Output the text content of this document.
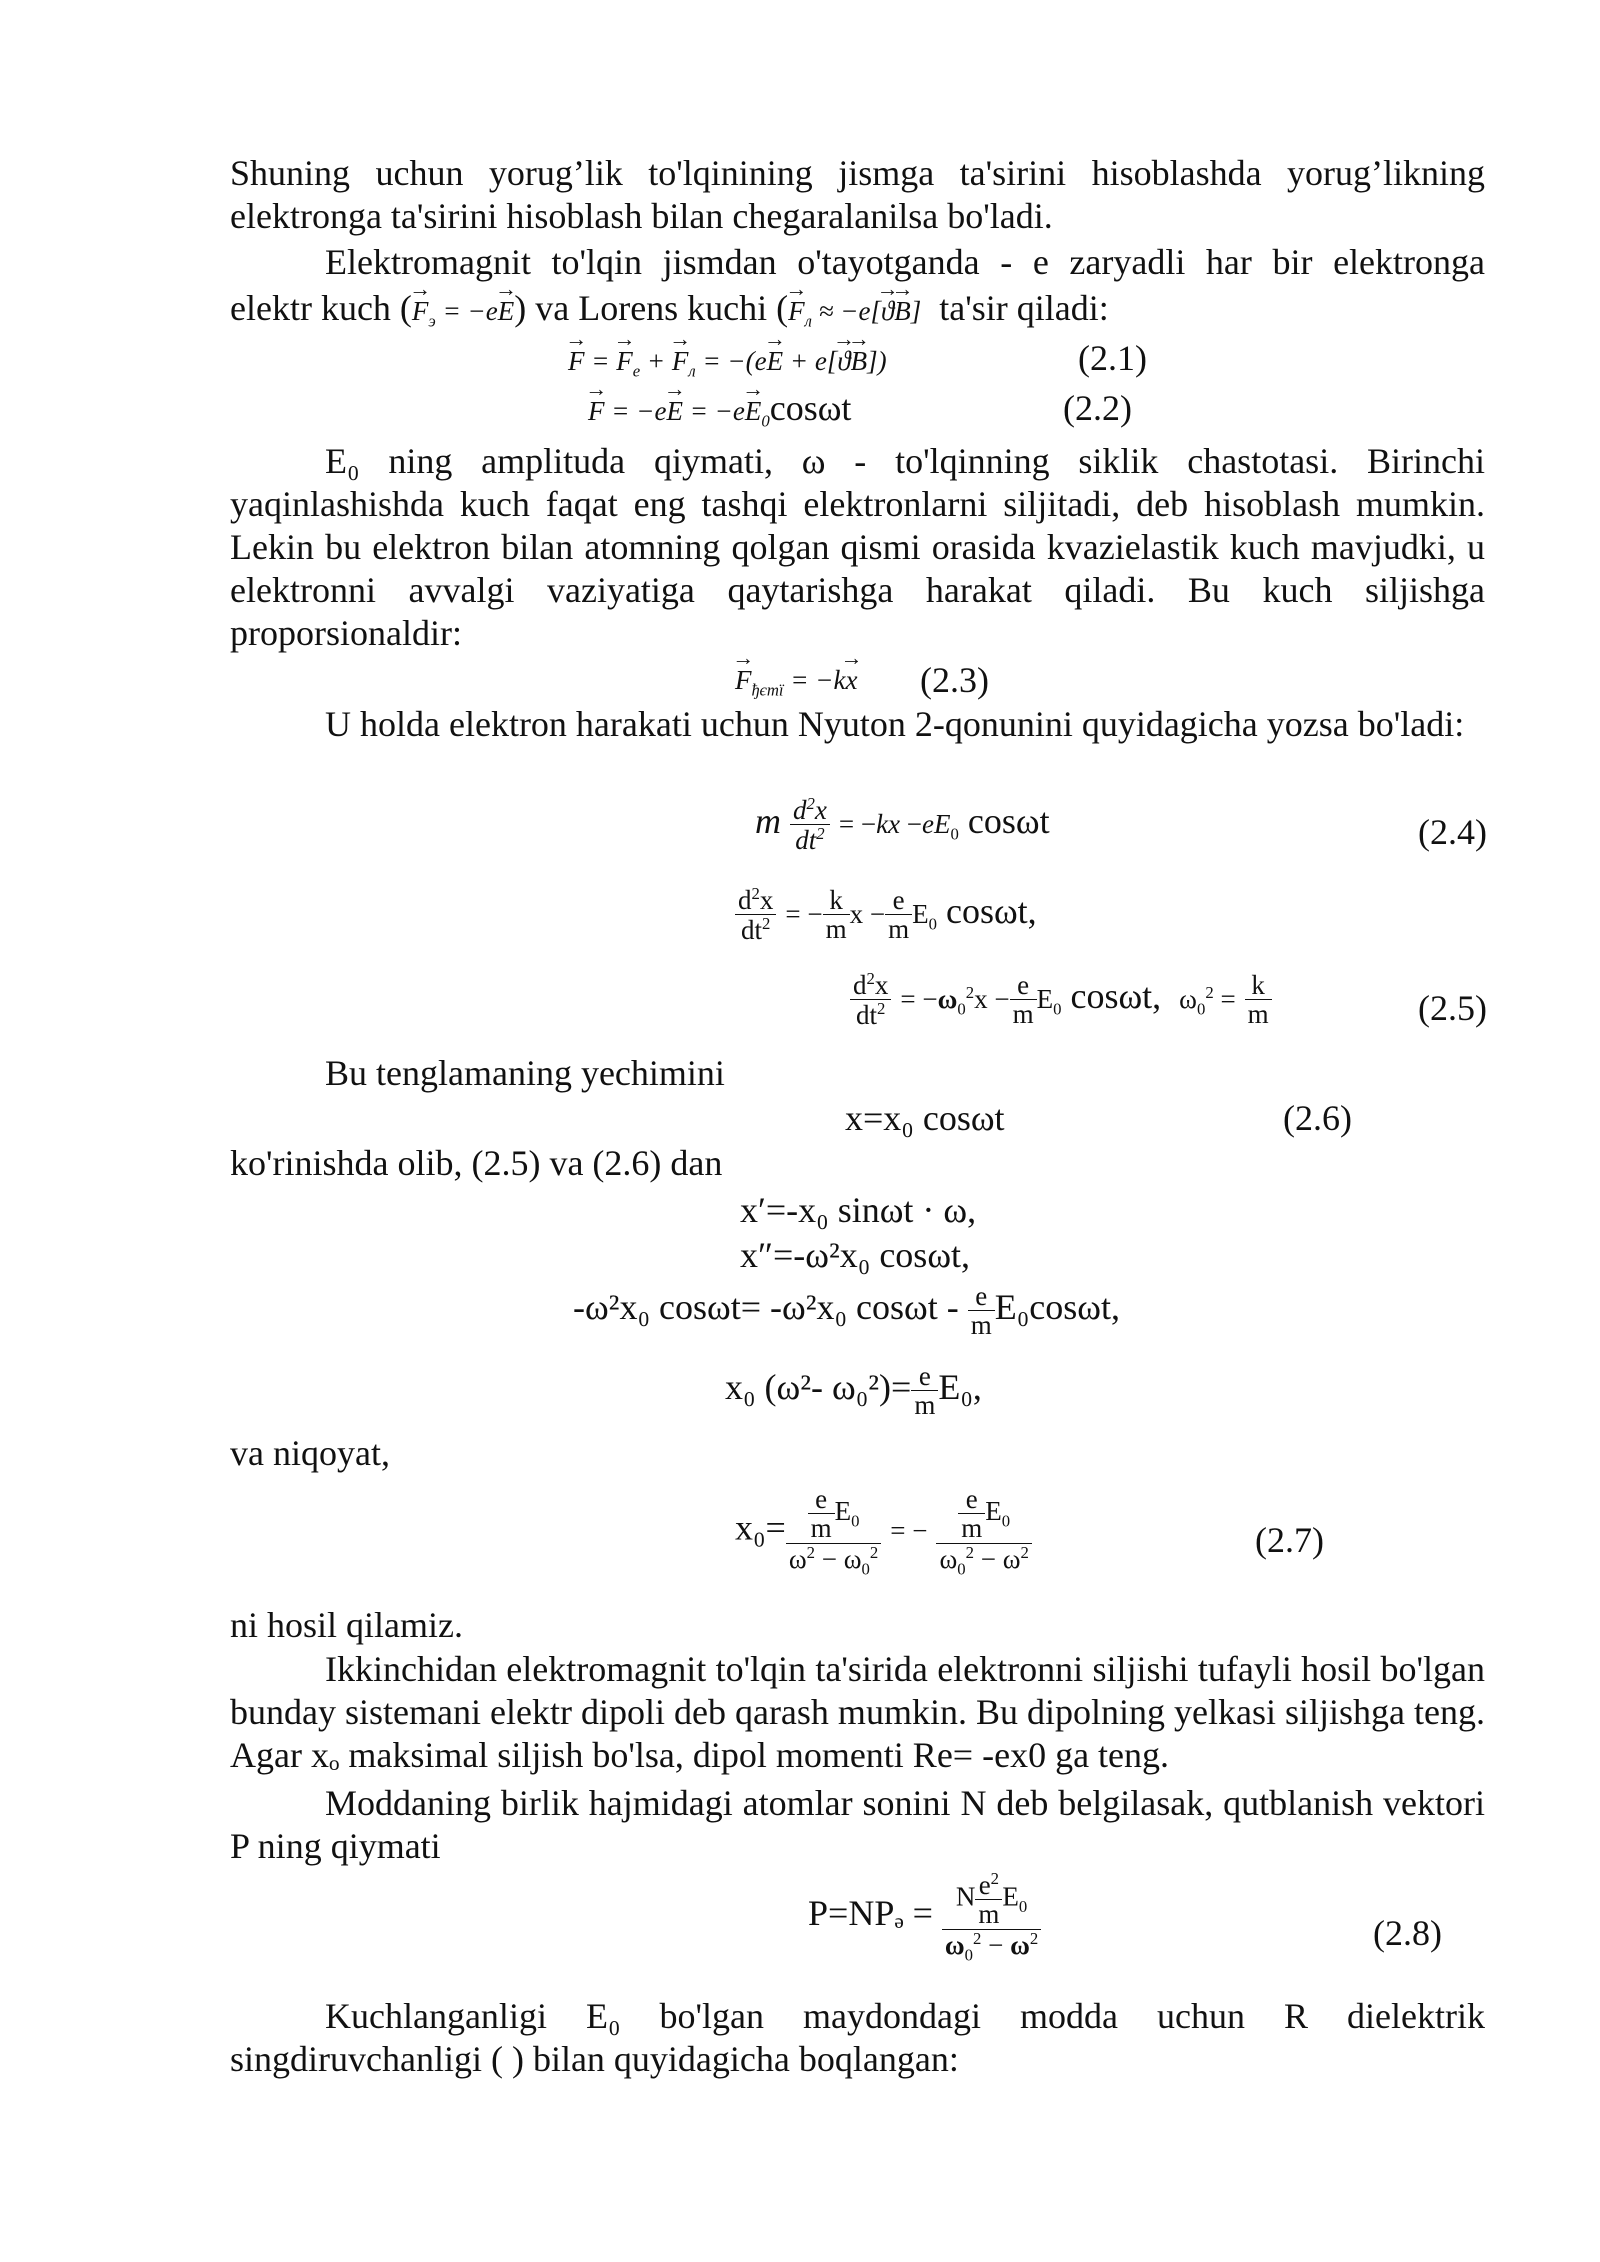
Shuning uchun yorug’lik to'lqinining jismga ta'sirini hisoblashda yorug’likning elektronga ta'sirini hisoblash bilan chegaralanilsa bo'ladi.

Elektromagnit to'lqin jismdan o'tayotganda - e zaryadli har bir elektronga
elektr kuch (→ $F_э = -e\to E$) va Lorens kuchi (→ $F_л \approx -e[\to ϑ\to B]$ ta'sir qiladi:
→ F = → $F_e$ + → $F_л = -(e\to E + e[\to ϑ\to B])$	(2.1)
→ $F = -e\to E = -e\to E_0\cos\omega t$	(2.2)

E₀ ning amplituda qiymati, ω - to'lqinning siklik chastotasi. Birinchi yaqinlashishda kuch faqat eng tashqi elektronlarni siljitadi, deb hisoblash mumkin. Lekin bu elektron bilan atomning qolgan qismi orasida kvazielastik kuch mavjudki, u elektronni avvalgi vaziyatiga qaytarishga harakat qiladi. Bu kuch siljishga proporsionaldir:

→ $F_{ђєтї} = -k\to x$ (2.3)

U holda elektron harakati uchun Nyuton 2-qonunini quyidagicha yozsa bo'ladi:

m $\frac{d^2x}{dt^2} = -kx -eE_0$ cosωt	(2.4)
$\frac{d^2x}{dt^2}$ = − $\frac{k}{m}$ $x - \frac{e}{m} E_0$ cosωt,
$\frac{d^2x}{dt^2} = -\omega_0^2x - \frac{e}{m} E_0$ cosωt,  $\omega_0^2 = \frac{k}{m}$	(2.5)
Bu tenglamaning yechimini
x=x₀ cosωt	(2.6)
ko'rinishda olib, (2.5) va (2.6) dan
x′=-x₀ sinωt · ω,
x″=-ω²x₀ cosωt,
-ω²x₀ cosωt= -ω²x₀ cosωt - $\frac{e}{m} E_0\cos\omega t$,
x₀ (ω²- $\omega_0^2)= \frac{e}{m} E_0$,
va niqoyat,
$x_0= \frac{\frac{e}{m} E_0}{\omega^2 - \omega_0^2}$ = − $\frac{\frac{e}{m} E_0}{\omega_0^2 - \omega^2}$	(2.7)
ni hosil qilamiz.

Ikkinchidan elektromagnit to'lqin ta'sirida elektronni siljishi tufayli hosil bo'lgan bunday sistemani elektr dipoli deb qarash mumkin. Bu dipolning yelkasi siljishga teng. Agar xₒ maksimal siljish bo'lsa, dipol momenti Re= -ex0 ga teng.

Moddaning birlik hajmidagi atomlar sonini N deb belgilasak, qutblanish vektori P ning qiymati

P=NPₔ = $\frac{N \frac{e^2}{m} E_0}{\omega_0^2 - \omega^2}$	(2.8)

Kuchlanganligi E₀ bo'lgan maydondagi modda uchun R dielektrik singdiruvchanligi ( ) bilan quyidagicha boqlangan:
